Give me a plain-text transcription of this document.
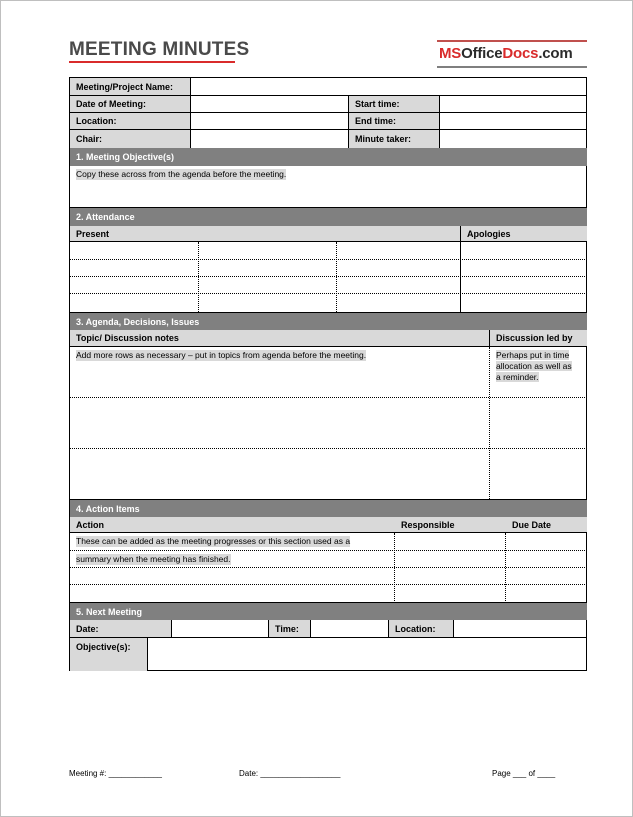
MEETING MINUTES	MSOfficeDocs.com
Meeting/Project Name:
Date of Meeting:	Start time:
Location:	End time:
Chair:	Minute taker:
1. Meeting Objective(s)
Copy these across from the agenda before the meeting.
2. Attendance
Present	Apologies
3. Agenda, Decisions, Issues
Topic/ Discussion notes	Discussion led by
Add more rows as necessary – put in topics from agenda before the meeting.	Perhaps put in time
allocation as well as
a reminder.
4. Action Items
Action	Responsible	Due Date
These can be added as the meeting progresses or this section used as a
summary when the meeting has finished.
5. Next Meeting
Date:	Time:	Location:
Objective(s):
Meeting #: ____________	Date: __________________	Page ___ of ____
